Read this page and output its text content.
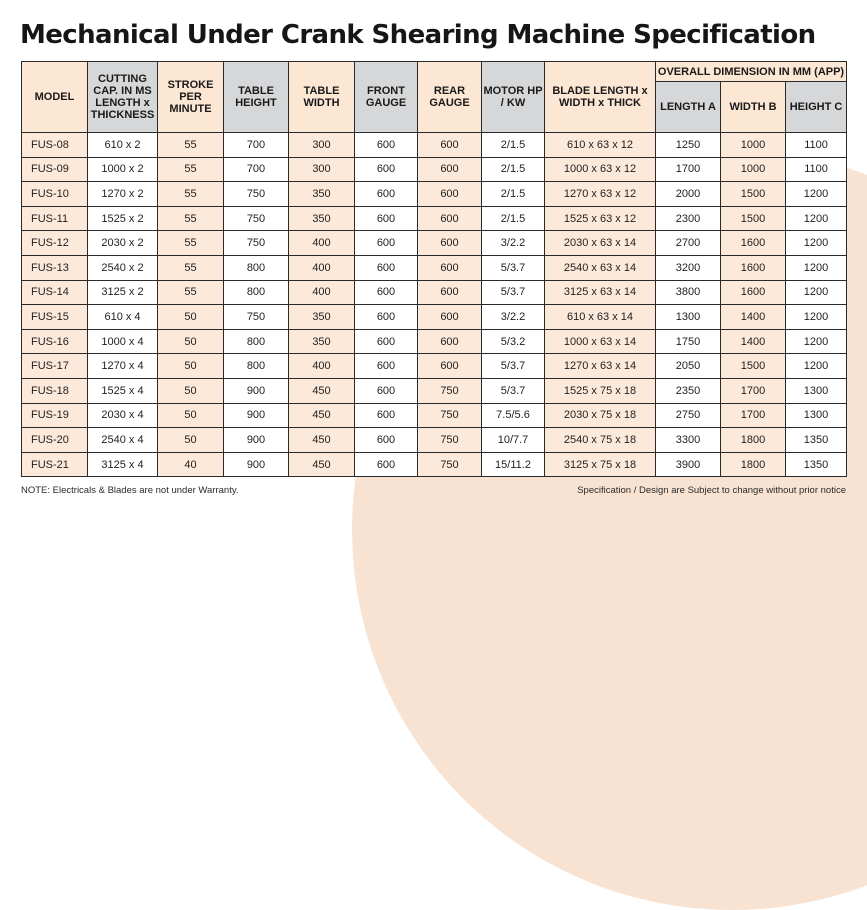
Mechanical Under Crank Shearing Machine Specification
MODEL	CUTTING CAP. IN MS LENGTH x THICKNESS	STROKE PER MINUTE	TABLE HEIGHT	TABLE WIDTH	FRONT GAUGE	REAR GAUGE	MOTOR HP / KW	BLADE LENGTH x WIDTH x THICK	OVERALL DIMENSION IN MM (APP)		
									LENGTH A	WIDTH B	HEIGHT C
FUS-08	610 x 2	55	700	300	600	600	2/1.5	610 x 63 x 12	1250	1000	1100
FUS-09	1000 x 2	55	700	300	600	600	2/1.5	1000 x 63 x 12	1700	1000	1100
FUS-10	1270 x 2	55	750	350	600	600	2/1.5	1270 x 63 x 12	2000	1500	1200
FUS-11	1525 x 2	55	750	350	600	600	2/1.5	1525 x 63 x 12	2300	1500	1200
FUS-12	2030 x 2	55	750	400	600	600	3/2.2	2030 x 63 x 14	2700	1600	1200
FUS-13	2540 x 2	55	800	400	600	600	5/3.7	2540 x 63 x 14	3200	1600	1200
FUS-14	3125 x 2	55	800	400	600	600	5/3.7	3125 x 63 x 14	3800	1600	1200
FUS-15	610 x 4	50	750	350	600	600	3/2.2	610 x 63 x 14	1300	1400	1200
FUS-16	1000 x 4	50	800	350	600	600	5/3.2	1000 x 63 x 14	1750	1400	1200
FUS-17	1270 x 4	50	800	400	600	600	5/3.7	1270 x 63 x 14	2050	1500	1200
FUS-18	1525 x 4	50	900	450	600	750	5/3.7	1525 x 75 x 18	2350	1700	1300
FUS-19	2030 x 4	50	900	450	600	750	7.5/5.6	2030 x 75 x 18	2750	1700	1300
FUS-20	2540 x 4	50	900	450	600	750	10/7.7	2540 x 75 x 18	3300	1800	1350
FUS-21	3125 x 4	40	900	450	600	750	15/11.2	3125 x 75 x 18	3900	1800	1350
NOTE: Electricals & Blades are not under Warranty.	Specification / Design are Subject to change without prior notice
